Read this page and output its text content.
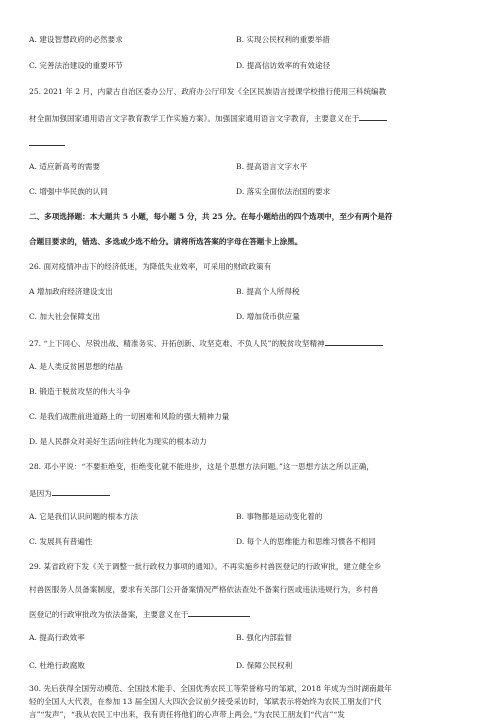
A. 建设智慧政府的必然要求	B. 实现公民权利的重要举措
C. 完善法治建设的重要环节	D. 提高信访效率的有效途径
25. 2021 年 2 月，内蒙古自治区委办公厅、政府办公厅印发《全区民族语言授课学校推行使用三科统编教
材全面加强国家通用语言文字教育教学工作实施方案》。加强国家通用语言文字教育，主要意义在于
A. 适应新高考的需要	B. 提高语言文字水平
C. 增强中华民族的认同	D. 落实全面依法治国的要求
二、多项选择题：本大题共 5 小题，每小题 5 分，共 25 分。在每小题给出的四个选项中，至少有两个是符
合题目要求的，错选、多选或少选不给分。请将所选答案的字母在答题卡上涂黑。
26. 面对疫情冲击下的经济低迷，为降低失业效率，可采用的财政政策有
A 增加政府经济建设支出	B. 提高个人所得税
C. 加大社会保障支出	D. 增加货币供应量
27. “上下同心、尽锐出战、精准务实、开拓创新、攻坚克难、不负人民”的脱贫攻坚精神
A. 是人类反贫困思想的结晶
B. 锻造于脱贫攻坚的伟大斗争
C. 是我们战胜前进道路上的一切困难和风险的强大精神力量
D. 是人民群众对美好生活向往转化为现实的根本动力
28. 邓小平说：“不要拒绝变，拒绝变化就不能进步，这是个思想方法问题。”这一思想方法之所以正确，
是因为
A. 它是我们认识问题的根本方法	B. 事物都是运动变化着的
C. 发展具有普遍性	D. 每个人的思维能力和思维习惯各不相同
29. 某省政府下发《关于调整一批行政权力事项的通知》。不再实施乡村兽医登记的行政审批，建立健全乡
村兽医服务人员备案制度，要求有关部门公开备案情况严格依法查处不备案行医或违法违规行为，乡村兽
医登记的行政审批改为依法备案，主要意义在于
A. 提高行政效率	B. 强化内部监督
C. 杜绝行政腐败	D. 保障公民权利
30. 先后获得全国劳动模范、全国技术能手、全国优秀农民工等荣誉称号的邹斌，2018 年成为当时湖南最年
轻的全国人大代表，在参加 13 届全国人大四次会议前夕接受采访时，邹斌表示将始终为农民工朋友们“代
言”“发声”，“我从农民工中出来，我有责任将他们的心声带上两会。”为农民工朋友们“代言”“发
